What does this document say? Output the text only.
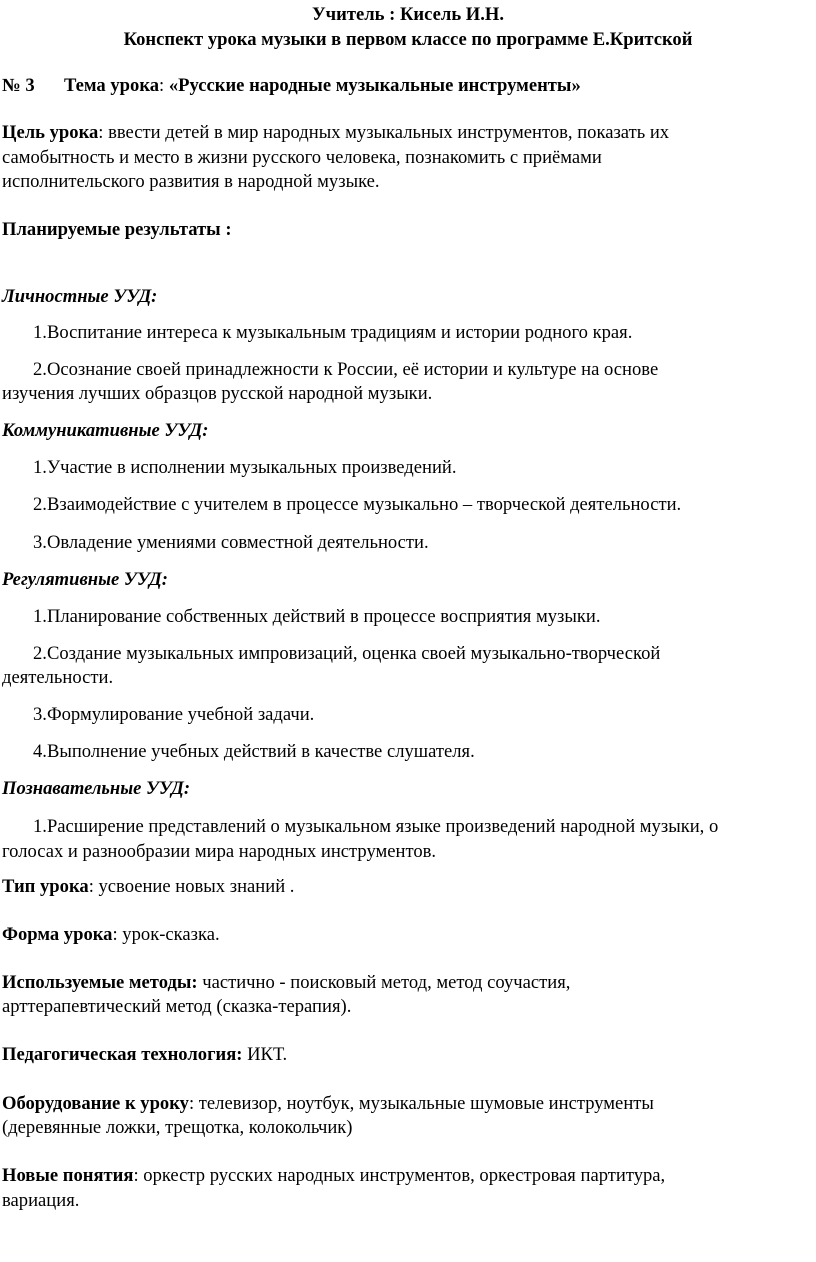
Учитель : Кисель И.Н.
Конспект урока музыки в первом классе по программе Е.Критской
№ 3 Тема урока: «Русские народные музыкальные инструменты»
Цель урока: ввести детей в мир народных музыкальных инструментов, показать их
самобытность и место в жизни русского человека, познакомить с приёмами
исполнительского развития в народной музыке.
Планируемые результаты :
Личностные УУД:
1.Воспитание интереса к музыкальным традициям и истории родного края.
2.Осознание своей принадлежности к России, её истории и культуре на основе
изучения лучших образцов русской народной музыки.
Коммуникативные УУД:
1.Участие в исполнении музыкальных произведений.
2.Взаимодействие с учителем в процессе музыкально – творческой деятельности.
3.Овладение умениями совместной деятельности.
Регулятивные УУД:
1.Планирование собственных действий в процессе восприятия музыки.
2.Создание музыкальных импровизаций, оценка своей музыкально-творческой
деятельности.
3.Формулирование учебной задачи.
4.Выполнение учебных действий в качестве слушателя.
Познавательные УУД:
1.Расширение представлений о музыкальном языке произведений народной музыки, о
голосах и разнообразии мира народных инструментов.
Тип урока: усвоение новых знаний .
Форма урока: урок-сказка.
Используемые методы: частично - поисковый метод, метод соучастия,
арттерапевтический метод (сказка-терапия).
Педагогическая технология: ИКТ.
Оборудование к уроку: телевизор, ноутбук, музыкальные шумовые инструменты
(деревянные ложки, трещотка, колокольчик)
Новые понятия: оркестр русских народных инструментов, оркестровая партитура,
вариация.
